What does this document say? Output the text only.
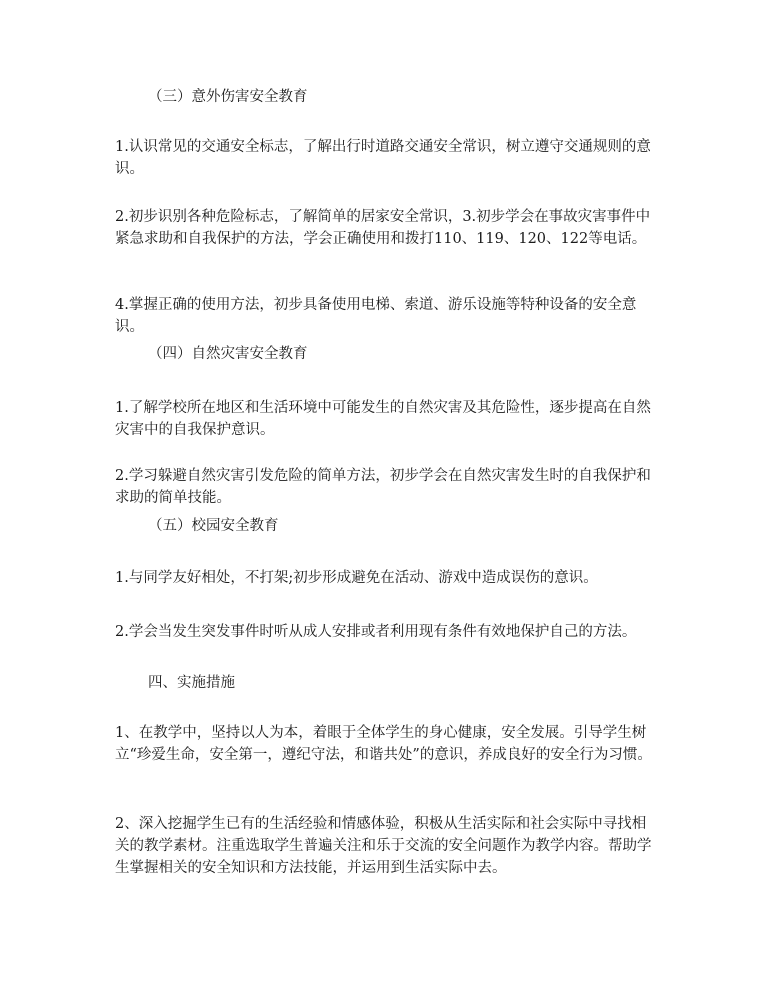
（三）意外伤害安全教育

1.认识常见的交通安全标志，了解出行时道路交通安全常识，树立遵守交通规则的意识。

2.初步识别各种危险标志，了解简单的居家安全常识，3.初步学会在事故灾害事件中紧急求助和自我保护的方法，学会正确使用和拨打110、119、120、122等电话。

4.掌握正确的使用方法，初步具备使用电梯、索道、游乐设施等特种设备的安全意识。

（四）自然灾害安全教育

1.了解学校所在地区和生活环境中可能发生的自然灾害及其危险性，逐步提高在自然灾害中的自我保护意识。

2.学习躲避自然灾害引发危险的简单方法，初步学会在自然灾害发生时的自我保护和求助的简单技能。

（五）校园安全教育

1.与同学友好相处，不打架;初步形成避免在活动、游戏中造成误伤的意识。

2.学会当发生突发事件时听从成人安排或者利用现有条件有效地保护自己的方法。

四、实施措施

1、在教学中，坚持以人为本，着眼于全体学生的身心健康，安全发展。引导学生树立“珍爱生命，安全第一，遵纪守法，和谐共处”的意识，养成良好的安全行为习惯。

2、深入挖掘学生已有的生活经验和情感体验，积极从生活实际和社会实际中寻找相关的教学素材。注重选取学生普遍关注和乐于交流的安全问题作为教学内容。帮助学生掌握相关的安全知识和方法技能，并运用到生活实际中去。
